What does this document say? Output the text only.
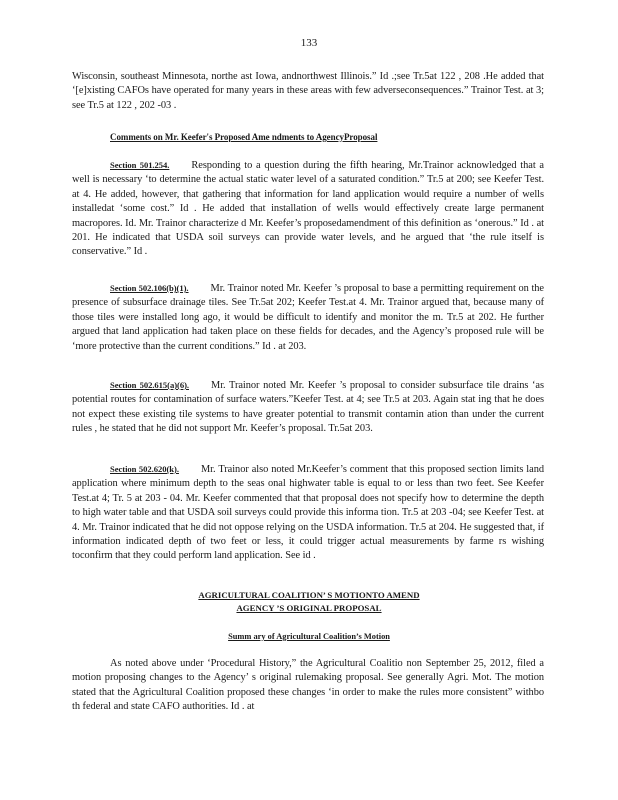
133
Wisconsin, southeast Minnesota, northe ast Iowa, andnorthwest Illinois.” Id .;see Tr.5at 122 , 208 .He added that ‘[e]xisting CAFOs have operated for many years in these areas with few adverseconsequences.” Trainor Test. at 3; see Tr.5 at 122 , 202 -03 .
Comments on Mr. Keefer's Proposed Ame ndments to AgencyProposal
Section 501.254. Responding to a question during the fifth hearing, Mr.Trainor acknowledged that a well is necessary ‘to determine the actual static water level of a saturated condition.” Tr.5 at 200; see Keefer Test. at 4. He added, however, that gathering that information for land application would require a number of wells installedat ‘some cost.” Id . He added that installation of wells would effectively create large permanent macropores. Id. Mr. Trainor characterize d Mr. Keefer’s proposedamendment of this definition as ‘onerous.” Id . at 201. He indicated that USDA soil surveys can provide water levels, and he argued that ‘the rule itself is conservative.” Id .
Section 502.106(b)(1). Mr. Trainor noted Mr. Keefer ’s proposal to base a permitting requirement on the presence of subsurface drainage tiles. See Tr.5at 202; Keefer Test.at 4. Mr. Trainor argued that, because many of those tiles were installed long ago, it would be difficult to identify and monitor the m. Tr.5 at 202. He further argued that land application had taken place on these fields for decades, and the Agency’s proposed rule will be ‘more protective than the current conditions.” Id . at 203.
Section 502.615(a)(6). Mr. Trainor noted Mr. Keefer ’s proposal to consider subsurface tile drains ‘as potential routes for contamination of surface waters.”Keefer Test. at 4; see Tr.5 at 203. Again stat ing that he does not expect these existing tile systems to have greater potential to transmit contamin ation than under the current rules , he stated that he did not support Mr. Keefer’s proposal. Tr.5at 203.
Section 502.620(k). Mr. Trainor also noted Mr.Keefer’s comment that this proposed section limits land application where minimum depth to the seas onal highwater table is equal to or less than two feet. See Keefer Test.at 4; Tr. 5 at 203 - 04. Mr. Keefer commented that that proposal does not specify how to determine the depth to high water table and that USDA soil surveys could provide this informa tion. Tr.5 at 203 -04; see Keefer Test. at 4. Mr. Trainor indicated that he did not oppose relying on the USDA information. Tr.5 at 204. He suggested that, if information indicated depth of two feet or less, it could trigger actual measurements by farme rs wishing toconfirm that they could perform land application. See id .
AGRICULTURAL COALITION’ S MOTIONTO AMEND
AGENCY ’S ORIGINAL PROPOSAL
Summ ary of Agricultural Coalition’s Motion
As noted above under ‘Procedural History,” the Agricultural Coalitio non September 25, 2012, filed a motion proposing changes to the Agency’ s original rulemaking proposal. See generally Agri. Mot. The motion stated that the Agricultural Coalition proposed these changes ‘in order to make the rules more consistent” withbo th federal and state CAFO authorities. Id . at
